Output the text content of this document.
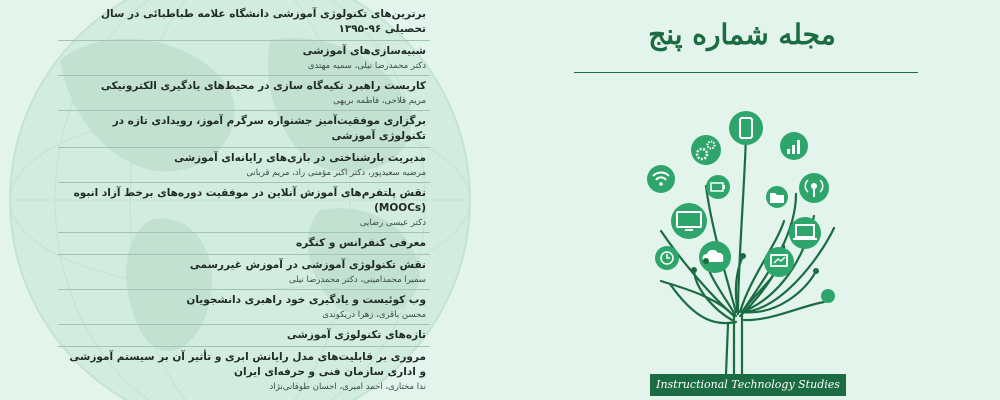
برترین‌های تکنولوژی آموزشی دانشگاه علامه طباطبائی در سال تحصیلی ۹۶-۱۳۹۵
شبیه‌سازی‌های آموزشی
دکتر محمدرضا نیلی، سمیه مهتدی
کاربست راهبرد تکیه‌گاه سازی در محیط‌های یادگیری الکترونیکی
مریم فلاحی، فاطمه بریهی
برگزاری موفقیت‌آمیز جشنواره سرگرم آموز، رویدادی تازه در تکنولوژی آموزشی
مدیریت بارشناختی در بازی‌های رایانه‌ای آموزشی
مرضیه سعیدپور، دکتر اکبر مؤمنی راد، مریم قربانی
نقش پلتفرم‌های آموزش آنلاین در موفقیت دوره‌های برخط آزاد انبوه (MOOCs)
دکتر عیسی رضایی
معرفی کنفرانس و کنگره
نقش تکنولوژی آموزشی در آموزش غیررسمی
سمیرا محمدامینی، دکتر محمدرضا نیلی
وب کوئیست و یادگیری خود راهبری دانشجویان
محسن باقری، زهرا دریکوندی
تازه‌های تکنولوژی آموزشی
مروری بر قابلیت‌های مدل رایانش ابری و تأثیر آن بر سیستم آموزشی و اداری سازمان فنی و حرفه‌ای ایران
ندا مختاری، احمد امیری، احسان طوفانی‌نژاد
مجله شماره پنج
Instructional Technology Studies
